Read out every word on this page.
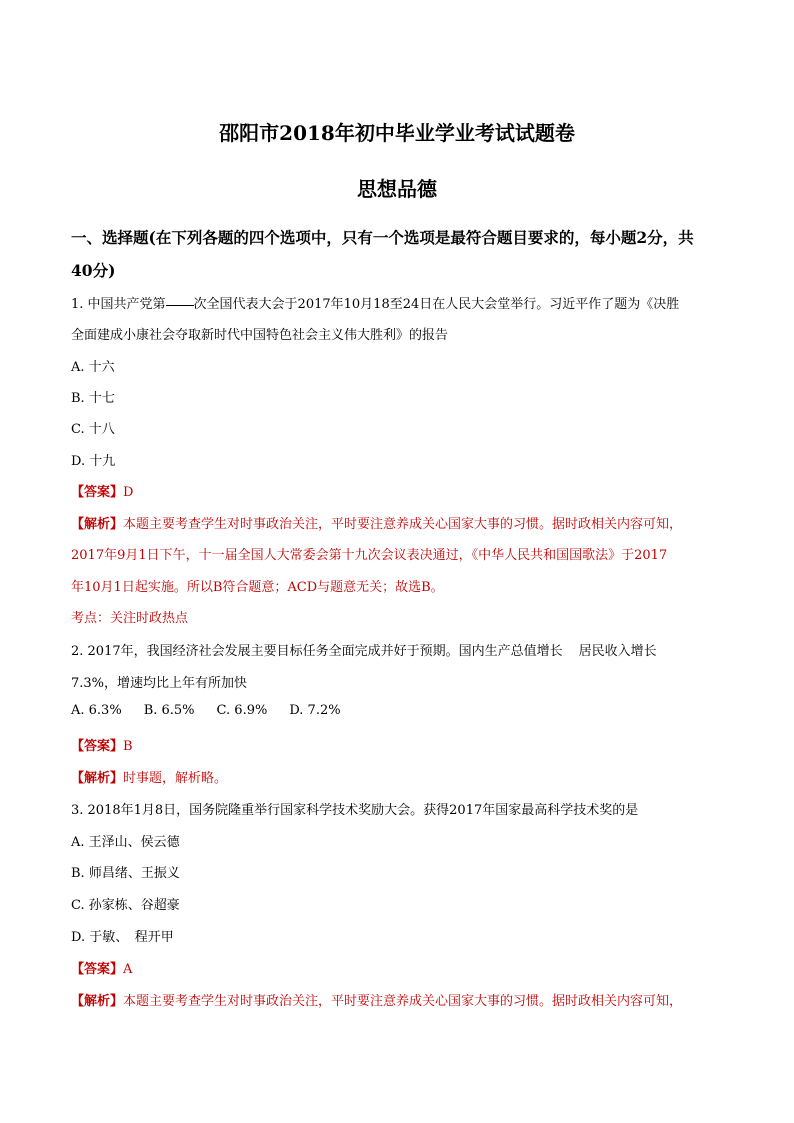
邵阳市2018年初中毕业学业考试试题卷
思想品德
一、选择题(在下列各题的四个选项中，只有一个选项是最符合题目要求的，每小题2分，共
40分)
1. 中国共产党第 次全国代表大会于2017年10月18至24日在人民大会堂举行。习近平作了题为《决胜
全面建成小康社会夺取新时代中国特色社会主义伟大胜利》的报告
A. 十六
B. 十七
C. 十八
D. 十九
【答案】D
【解析】本题主要考查学生对时事政治关注，平时要注意养成关心国家大事的习惯。据时政相关内容可知，
2017年9月1日下午，十一届全国人大常委会第十九次会议表决通过，《中华人民共和国国歌法》于2017
年10月1日起实施。所以B符合题意；ACD与题意无关；故选B。
考点：关注时政热点
2. 2017年，我国经济社会发展主要目标任务全面完成并好于预期。国内生产总值增长 居民收入增长
7.3%，增速均比上年有所加快
A. 6.3% B. 6.5% C. 6.9% D. 7.2%
【答案】B
【解析】时事题，解析略。
3. 2018年1月8日，国务院隆重举行国家科学技术奖励大会。获得2017年国家最高科学技术奖的是
A. 王泽山、侯云德
B. 师昌绪、王振义
C. 孙家栋、谷超豪
D. 于敏、　程开甲
【答案】A
【解析】本题主要考查学生对时事政治关注，平时要注意养成关心国家大事的习惯。据时政相关内容可知，
